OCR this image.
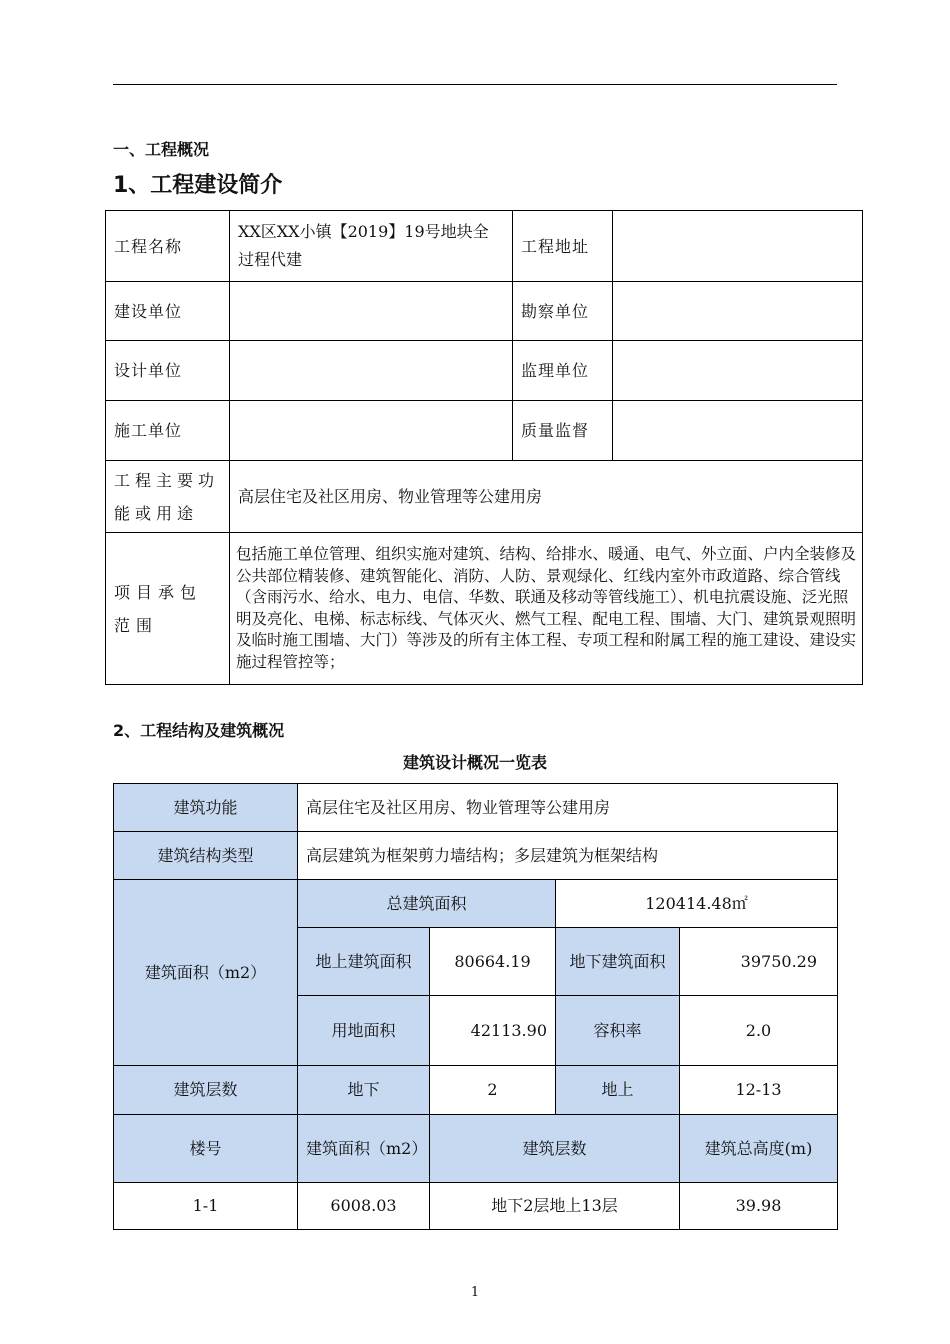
一、工程概况
1、工程建设简介
工程名称	XX区XX小镇【2019】19号地块全过程代建	工程地址	
建设单位		勘察单位	
设计单位		监理单位	
施工单位		质量监督	
工程主要功能或用途	高层住宅及社区用房、物业管理等公建用房		
项目承包范围	包括施工单位管理、组织实施对建筑、结构、给排水、暖通、电气、外立面、户内全装修及公共部位精装修、建筑智能化、消防、人防、景观绿化、红线内室外市政道路、综合管线（含雨污水、给水、电力、电信、华数、联通及移动等管线施工）、机电抗震设施、泛光照明及亮化、电梯、标志标线、气体灭火、燃气工程、配电工程、围墙、大门、建筑景观照明及临时施工围墙、大门）等涉及的所有主体工程、专项工程和附属工程的施工建设、建设实施过程管控等；		
2、工程结构及建筑概况
建筑设计概况一览表
建筑功能	高层住宅及社区用房、物业管理等公建用房			
建筑结构类型	高层建筑为框架剪力墙结构；多层建筑为框架结构			
建筑面积（m2）	总建筑面积		120414.48㎡	
	地上建筑面积	80664.19	地下建筑面积	39750.29
	用地面积	42113.90	容积率	2.0
建筑层数	地下	2	地上	12-13
楼号	建筑面积（m2）	建筑层数		建筑总高度(m)
1-1	6008.03	地下2层地上13层		39.98
1
